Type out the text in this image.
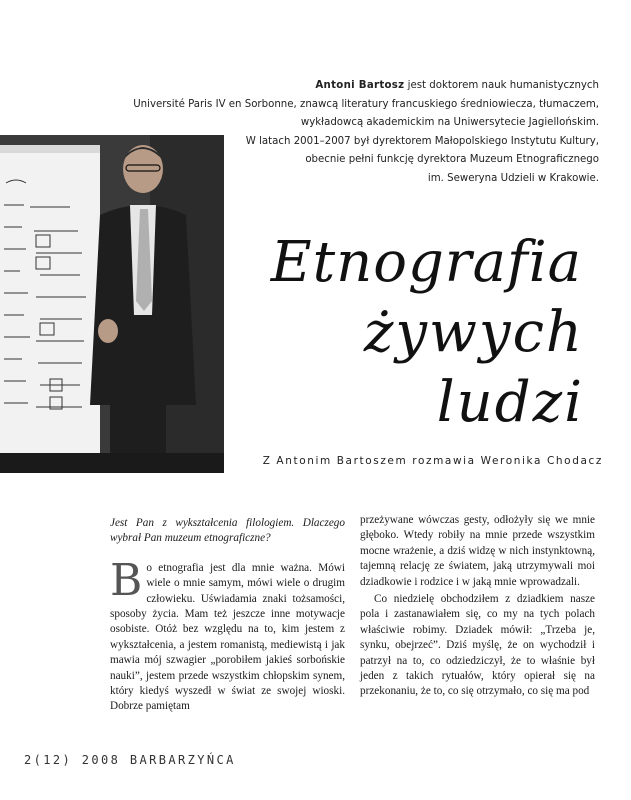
Antoni Bartosz jest doktorem nauk humanistycznych
Université Paris IV en Sorbonne, znawcą literatury francuskiego średniowiecza, tłumaczem,
wykładowcą akademickim na Uniwersytecie Jagiellońskim.
W latach 2001–2007 był dyrektorem Małopolskiego Instytutu Kultury,
obecnie pełni funkcję dyrektora Muzeum Etnograficznego
im. Seweryna Udzieli w Krakowie.
Etnografia
żywych ludzi
Z Antonim Bartoszem rozmawia Weronika Chodacz

Jest Pan z wykształcenia filologiem. Dlaczego wybrał Pan muzeum etnograficzne?

Bo etnografia jest dla mnie ważna. Mówi wiele o mnie samym, mówi wiele o drugim człowieku. Uświadamia znaki tożsamości, sposoby życia. Mam też jeszcze inne motywacje osobiste. Otóż bez względu na to, kim jestem z wykształcenia, a jestem romanistą, mediewistą i jak mawia mój szwagier „porobiłem jakieś sorbońskie nauki”, jestem przede wszystkim chłopskim synem, który kiedyś wyszedł w świat ze swojej wioski. Dobrze pamiętam

przeżywane wówczas gesty, odłożyły się we mnie głęboko. Wtedy robiły na mnie przede wszystkim mocne wrażenie, a dziś widzę w nich instynktowną, tajemną relację ze światem, jaką utrzymywali moi dziadkowie i rodzice i w jaką mnie wprowadzali.

Co niedzielę obchodziłem z dziadkiem nasze pola i zastanawiałem się, co my na tych polach właściwie robimy. Dziadek mówił: „Trzeba je, synku, obejrzeć”. Dziś myślę, że on wychodził i patrzył na to, co odziedziczył, że to właśnie był jeden z takich rytuałów, który opierał się na przekonaniu, że to, co się otrzymało, co się ma pod

2(12) 2008 BARBARZYŃCA
